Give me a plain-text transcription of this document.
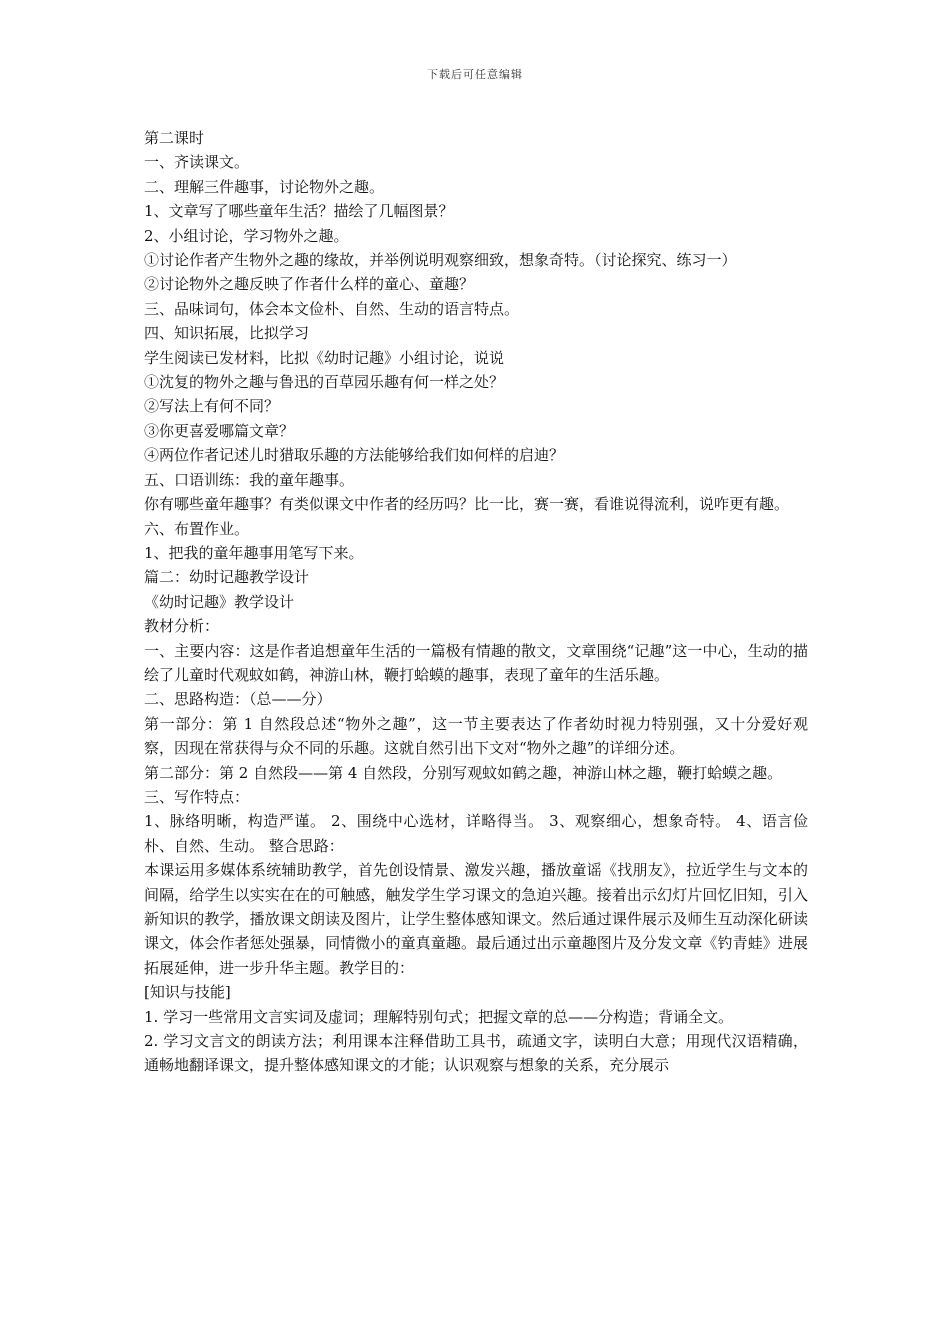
下载后可任意编辑

第二课时

一、齐读课文。

二、理解三件趣事，讨论物外之趣。

1、文章写了哪些童年生活？描绘了几幅图景？

2、小组讨论，学习物外之趣。

①讨论作者产生物外之趣的缘故，并举例说明观察细致，想象奇特。（讨论探究、练习一）

②讨论物外之趣反映了作者什么样的童心、童趣？

三、品味词句，体会本文俭朴、自然、生动的语言特点。

四、知识拓展，比拟学习

学生阅读已发材料，比拟《幼时记趣》小组讨论，说说

①沈复的物外之趣与鲁迅的百草园乐趣有何一样之处？

②写法上有何不同？

③你更喜爱哪篇文章？

④两位作者记述儿时猎取乐趣的方法能够给我们如何样的启迪？

五、口语训练：我的童年趣事。

你有哪些童年趣事？有类似课文中作者的经历吗？比一比，赛一赛，看谁说得流利，说咋更有趣。

六、布置作业。

1、把我的童年趣事用笔写下来。

篇二：幼时记趣教学设计

《幼时记趣》教学设计

教材分析：

一、主要内容：这是作者追想童年生活的一篇极有情趣的散文，文章围绕“记趣”这一中心，生动的描绘了儿童时代观蚊如鹤，神游山林，鞭打蛤蟆的趣事，表现了童年的生活乐趣。

二、思路构造：（总——分）

第一部分：第 1 自然段总述“物外之趣”，这一节主要表达了作者幼时视力特别强，又十分爱好观察，因现在常获得与众不同的乐趣。这就自然引出下文对“物外之趣”的详细分述。

第二部分：第 2 自然段——第 4 自然段，分别写观蚊如鹤之趣，神游山林之趣，鞭打蛤蟆之趣。

三、写作特点：

1、脉络明晰，构造严谨。 2、围绕中心选材，详略得当。 3、观察细心，想象奇特。 4、语言俭朴、自然、生动。 整合思路：

本课运用多媒体系统辅助教学，首先创设情景、激发兴趣，播放童谣《找朋友》，拉近学生与文本的间隔，给学生以实实在在的可触感，触发学生学习课文的急迫兴趣。接着出示幻灯片回忆旧知，引入新知识的教学，播放课文朗读及图片，让学生整体感知课文。然后通过课件展示及师生互动深化研读课文，体会作者惩处强暴，同情微小的童真童趣。最后通过出示童趣图片及分发文章《钓青蛙》进展拓展延伸，进一步升华主题。教学目的：

[知识与技能]

1. 学习一些常用文言实词及虚词；理解特别句式；把握文章的总——分构造；背诵全文。

2. 学习文言文的朗读方法；利用课本注释借助工具书，疏通文字，读明白大意；用现代汉语精确，通畅地翻译课文，提升整体感知课文的才能；认识观察与想象的关系，充分展示
